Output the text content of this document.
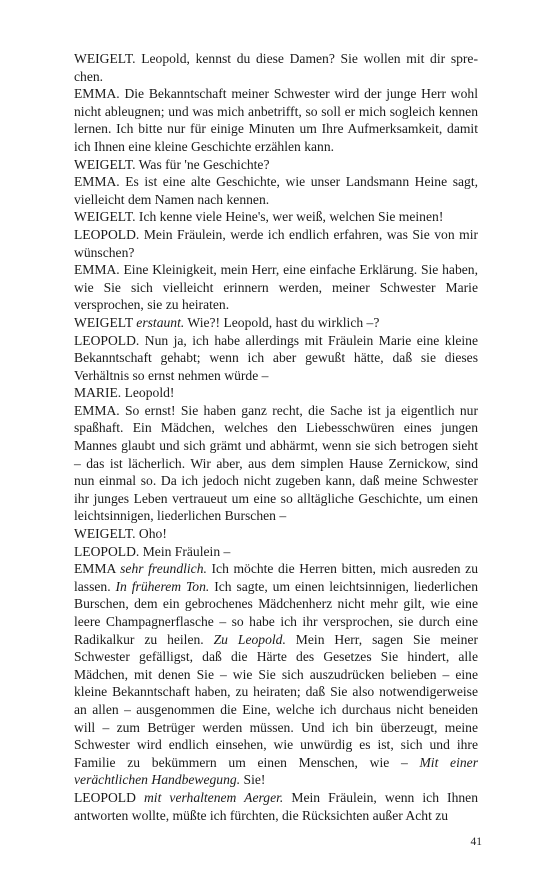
WEIGELT. Leopold, kennst du diese Damen? Sie wollen mit dir sprechen.

EMMA. Die Bekanntschaft meiner Schwester wird der junge Herr wohl nicht ableugnen; und was mich anbetrifft, so soll er mich sogleich kennen lernen. Ich bitte nur für einige Minuten um Ihre Aufmerksamkeit, damit ich Ihnen eine kleine Geschichte erzählen kann.

WEIGELT. Was für 'ne Geschichte?

EMMA. Es ist eine alte Geschichte, wie unser Landsmann Heine sagt, vielleicht dem Namen nach kennen.

WEIGELT. Ich kenne viele Heine's, wer weiß, welchen Sie meinen!

LEOPOLD. Mein Fräulein, werde ich endlich erfahren, was Sie von mir wünschen?

EMMA. Eine Kleinigkeit, mein Herr, eine einfache Erklärung. Sie haben, wie Sie sich vielleicht erinnern werden, meiner Schwester Marie versprochen, sie zu heiraten.

WEIGELT erstaunt. Wie?! Leopold, hast du wirklich –?

LEOPOLD. Nun ja, ich habe allerdings mit Fräulein Marie eine kleine Bekanntschaft gehabt; wenn ich aber gewußt hätte, daß sie dieses Verhältnis so ernst nehmen würde –

MARIE. Leopold!

EMMA. So ernst! Sie haben ganz recht, die Sache ist ja eigentlich nur spaßhaft. Ein Mädchen, welches den Liebesschwüren eines jungen Mannes glaubt und sich grämt und abhärmt, wenn sie sich betrogen sieht – das ist lächerlich. Wir aber, aus dem simplen Hause Zernickow, sind nun einmal so. Da ich jedoch nicht zugeben kann, daß meine Schwester ihr junges Leben vertraueut um eine so alltägliche Geschichte, um einen leichtsinnigen, liederlichen Burschen –

WEIGELT. Oho!

LEOPOLD. Mein Fräulein –

EMMA sehr freundlich. Ich möchte die Herren bitten, mich ausreden zu lassen. In früherem Ton. Ich sagte, um einen leichtsinnigen, liederlichen Burschen, dem ein gebrochenes Mädchenherz nicht mehr gilt, wie eine leere Champagnerflasche – so habe ich ihr versprochen, sie durch eine Radikalkur zu heilen. Zu Leopold. Mein Herr, sagen Sie meiner Schwester gefälligst, daß die Härte des Gesetzes Sie hindert, alle Mädchen, mit denen Sie – wie Sie sich auszudrücken belieben – eine kleine Bekanntschaft haben, zu heiraten; daß Sie also notwendigerweise an allen – ausgenommen die Eine, welche ich durchaus nicht beneiden will – zum Betrüger werden müssen. Und ich bin überzeugt, meine Schwester wird endlich einsehen, wie unwürdig es ist, sich und ihre Familie zu bekümmern um einen Menschen, wie – Mit einer verächtlichen Handbewegung. Sie!

LEOPOLD mit verhaltenem Aerger. Mein Fräulein, wenn ich Ihnen antworten wollte, müßte ich fürchten, die Rücksichten außer Acht zu

41
